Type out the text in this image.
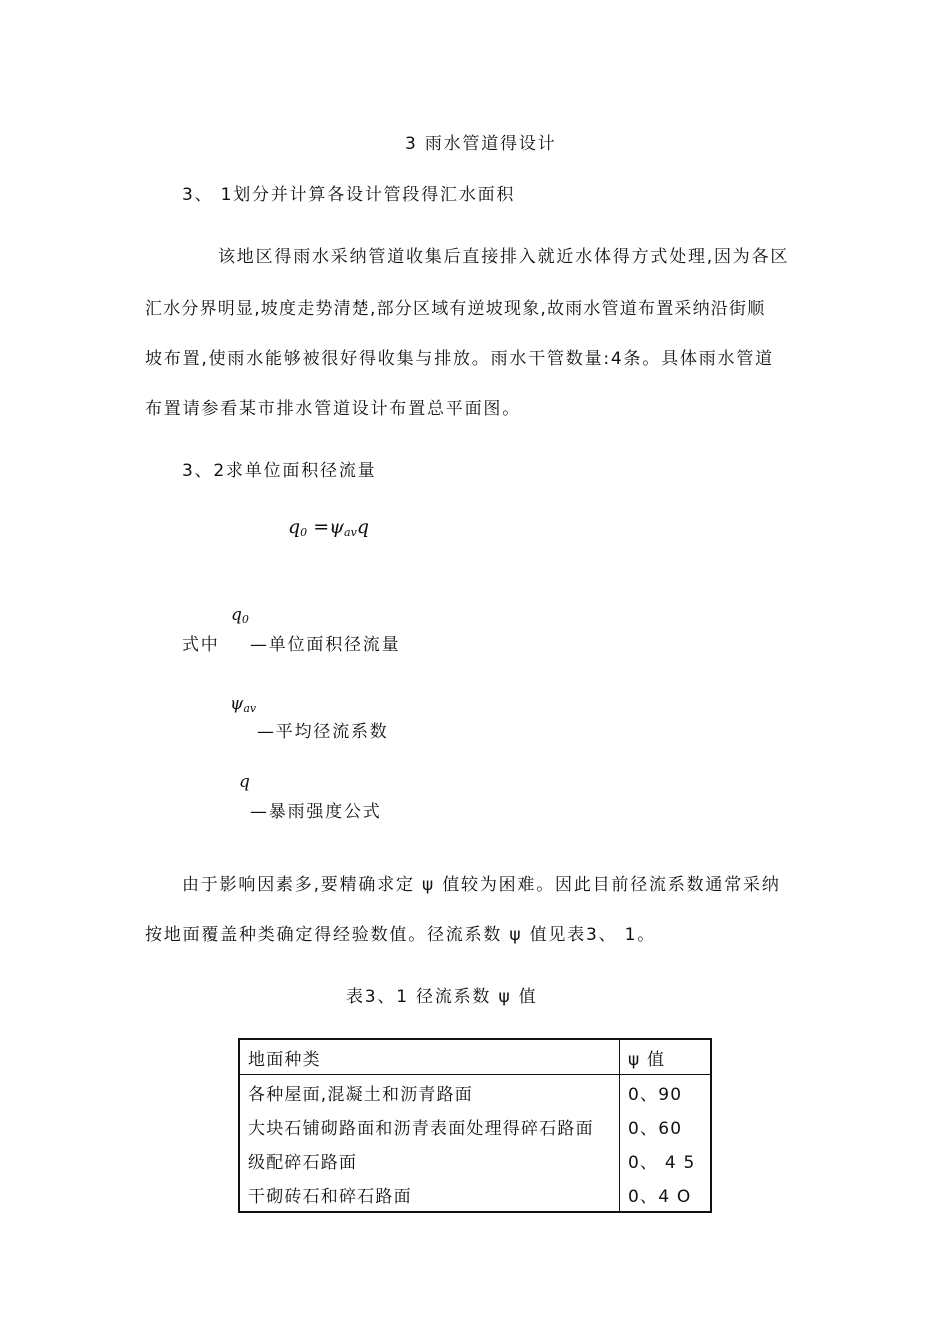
3 雨水管道得设计
3、 1划分并计算各设计管段得汇水面积
该地区得雨水采纳管道收集后直接排入就近水体得方式处理,因为各区
汇水分界明显,坡度走势清楚,部分区域有逆坡现象,故雨水管道布置采纳沿街顺
坡布置,使雨水能够被很好得收集与排放。雨水干管数量:4条。具体雨水管道
布置请参看某市排水管道设计布置总平面图。
3、2求单位面积径流量
$q_0 =\psi_{av}q$
式中
$q_0$
—单位面积径流量
$\psi_{av}$
—平均径流系数
q
—暴雨强度公式
由于影响因素多,要精确求定 ψ 值较为困难。因此目前径流系数通常采纳
按地面覆盖种类确定得经验数值。径流系数 ψ 值见表3、 1。
表3、1 径流系数 ψ 值
地面种类	ψ 值
各种屋面,混凝土和沥青路面	0、90
大块石铺砌路面和沥青表面处理得碎石路面	0、60
级配碎石路面	0、 4 5
干砌砖石和碎石路面	0、4 O
